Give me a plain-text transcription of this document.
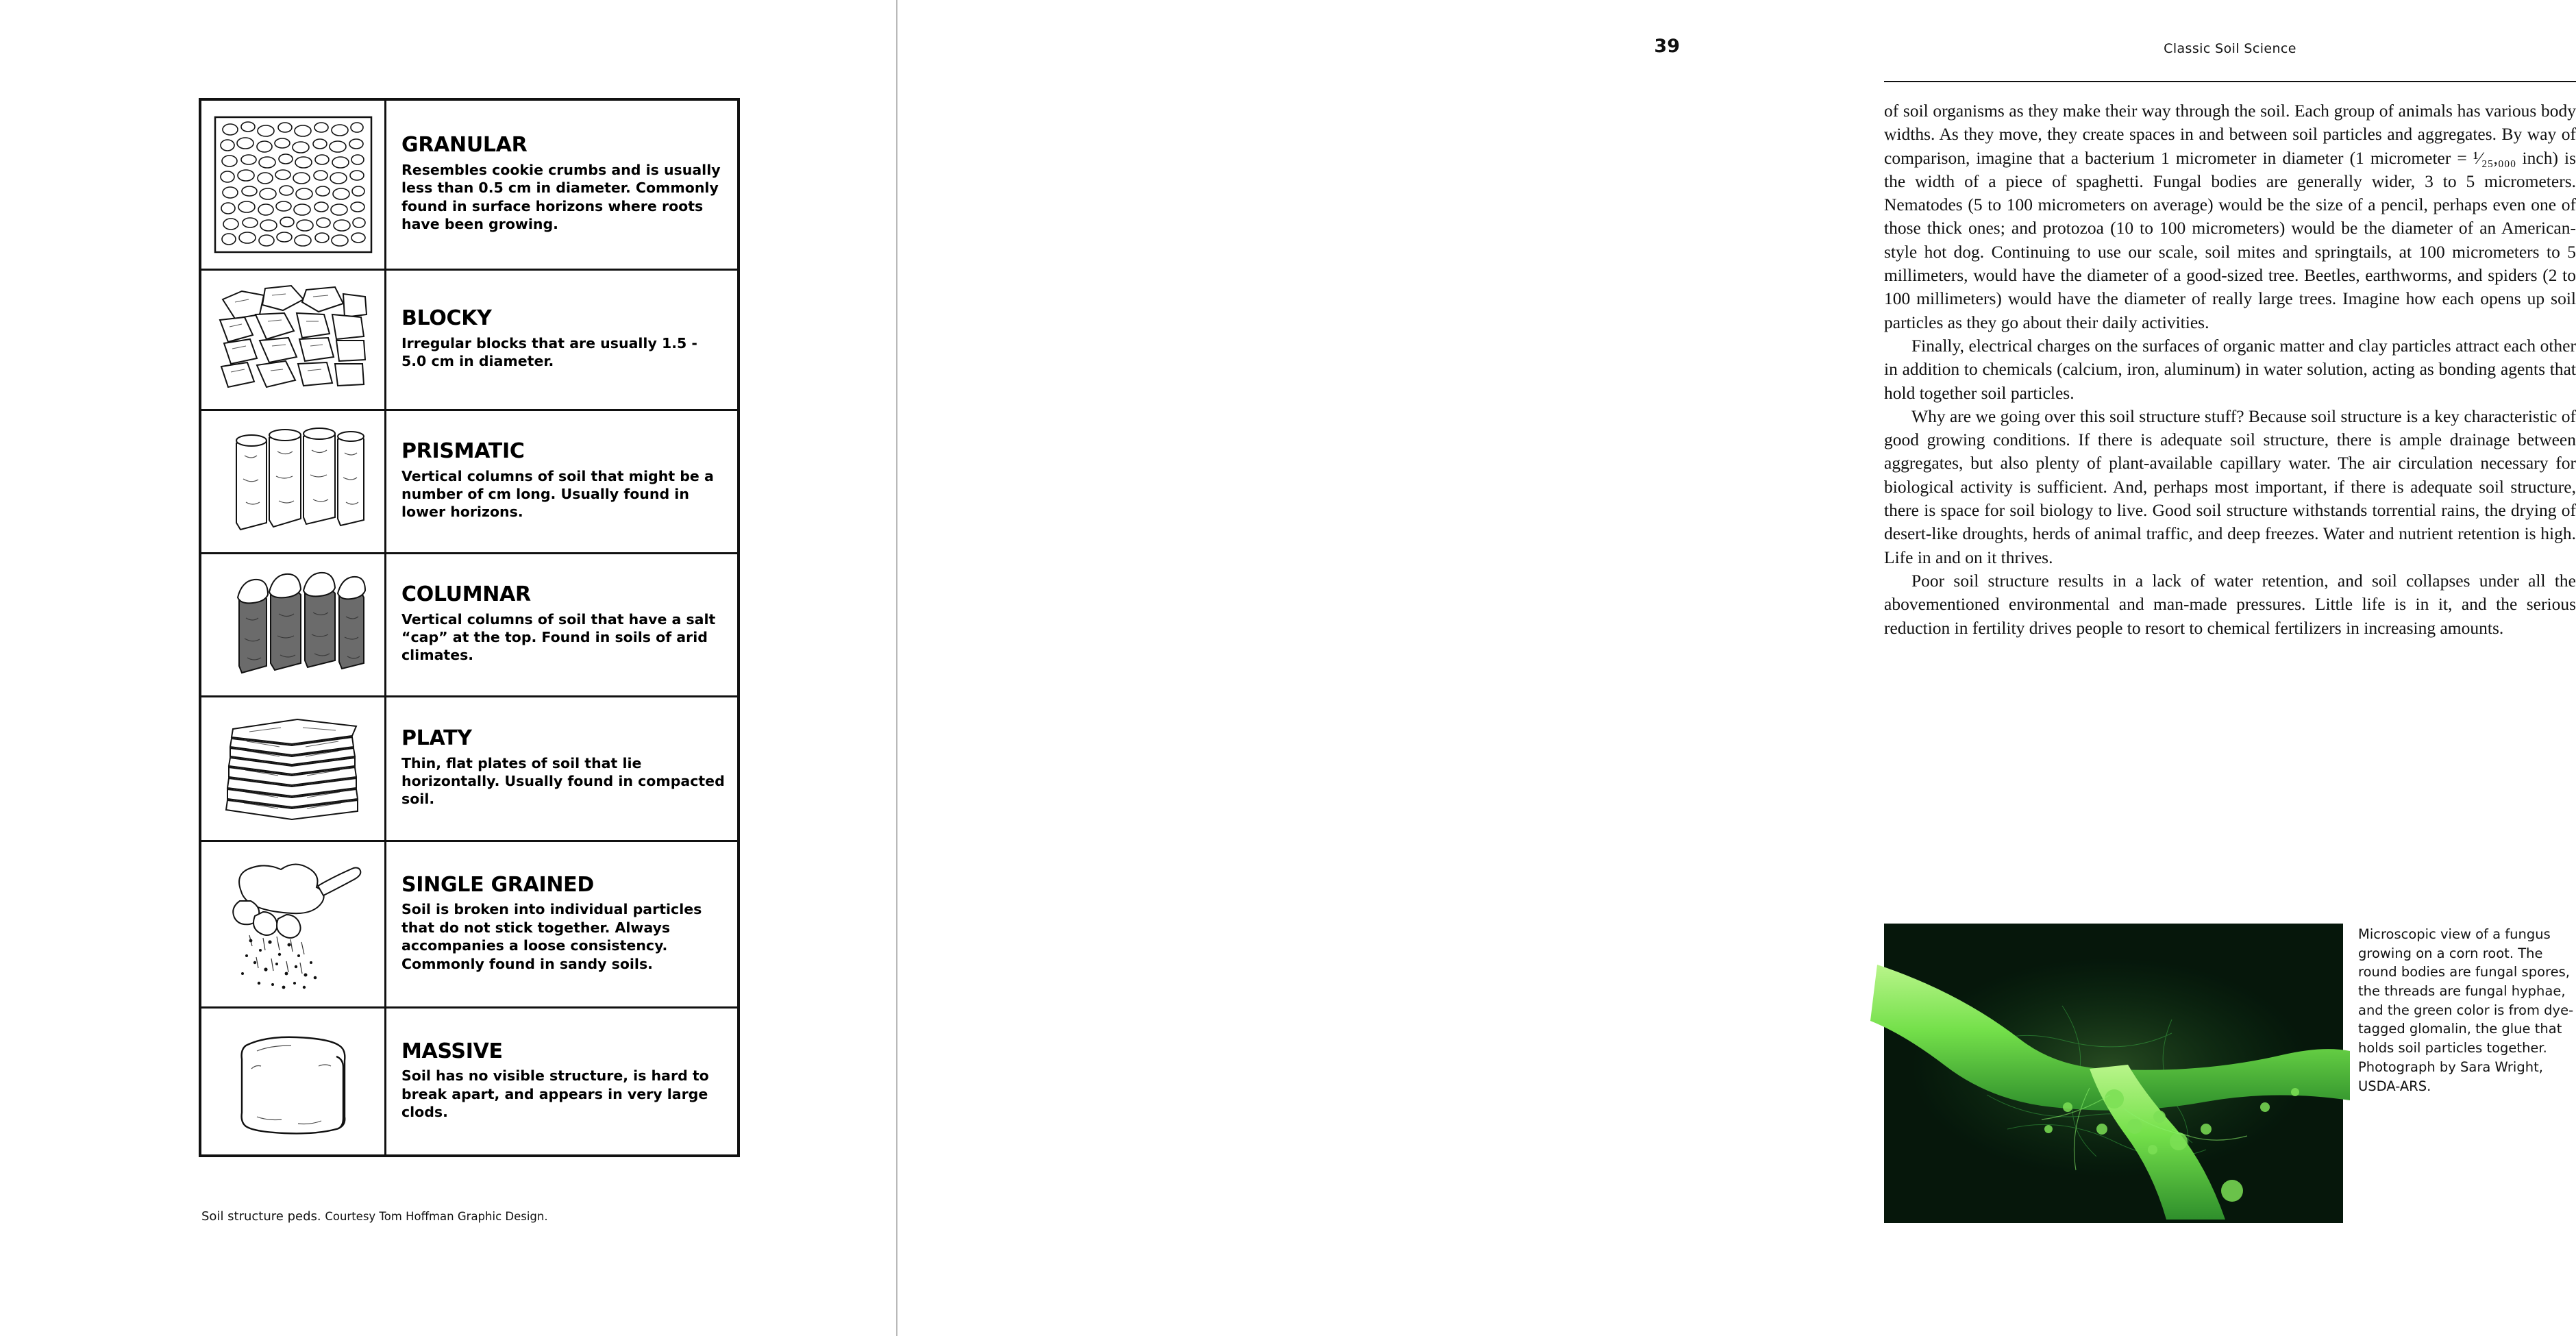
GRANULAR
Resembles cookie crumbs and is usually less than 0.5 cm in diameter. Commonly found in surface horizons where roots have been growing.
BLOCKY
Irregular blocks that are usually 1.5 - 5.0 cm in diameter.
PRISMATIC
Vertical columns of soil that might be a number of cm long. Usually found in lower horizons.
COLUMNAR
Vertical columns of soil that have a salt “cap” at the top. Found in soils of arid climates.
PLATY
Thin, flat plates of soil that lie horizontally. Usually found in compacted soil.
SINGLE GRAINED
Soil is broken into individual particles that do not stick together. Always accompanies a loose consistency. Commonly found in sandy soils.
MASSIVE
Soil has no visible structure, is hard to break apart, and appears in very large clods.
Soil structure peds. Courtesy Tom Hoffman Graphic Design.
Classic Soil Science
39

of soil organisms as they make their way through the soil. Each group of animals has various body widths. As they move, they create spaces in and between soil particles and aggregates. By way of comparison, imagine that a bacterium 1 micrometer in diameter (1 micrometer = ¹⁄₂₅,₀₀₀ inch) is the width of a piece of spaghetti. Fungal bodies are generally wider, 3 to 5 micrometers. Nematodes (5 to 100 micrometers on average) would be the size of a pencil, perhaps even one of those thick ones; and protozoa (10 to 100 micrometers) would be the diameter of an American-style hot dog. Continuing to use our scale, soil mites and springtails, at 100 micrometers to 5 millimeters, would have the diameter of a good-sized tree. Beetles, earthworms, and spiders (2 to 100 millimeters) would have the diameter of really large trees. Imagine how each opens up soil particles as they go about their daily activities.

Finally, electrical charges on the surfaces of organic matter and clay particles attract each other in addition to chemicals (calcium, iron, aluminum) in water solution, acting as bonding agents that hold together soil particles.

Why are we going over this soil structure stuff? Because soil structure is a key characteristic of good growing conditions. If there is adequate soil structure, there is ample drainage between aggregates, but also plenty of plant-available capillary water. The air circulation necessary for biological activity is sufficient. And, perhaps most important, if there is adequate soil structure, there is space for soil biology to live. Good soil structure withstands torrential rains, the drying of desert-like droughts, herds of animal traffic, and deep freezes. Water and nutrient retention is high. Life in and on it thrives.

Poor soil structure results in a lack of water retention, and soil collapses under all the abovementioned environmental and man-made pressures. Little life is in it, and the serious reduction in fertility drives people to resort to chemical fertilizers in increasing amounts.

Microscopic view of a fungus growing on a corn root. The round bodies are fungal spores, the threads are fungal hyphae, and the green color is from dye-tagged glomalin, the glue that holds soil particles together. Photograph by Sara Wright, USDA-ARS.
